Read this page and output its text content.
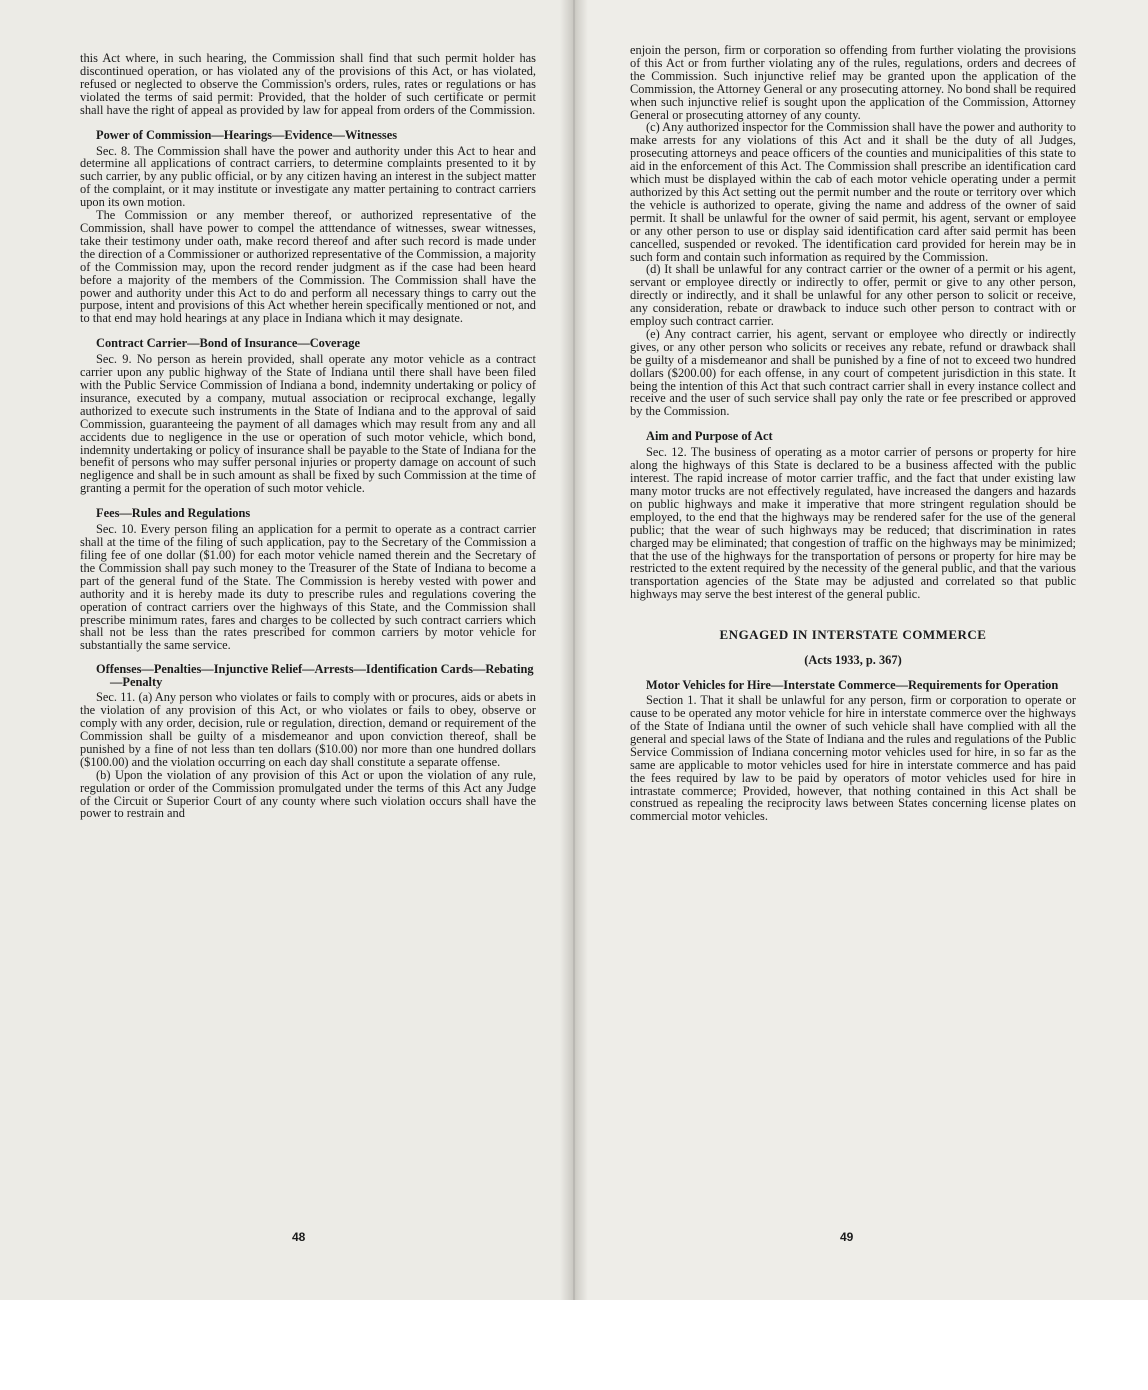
this Act where, in such hearing, the Commission shall find that such permit holder has discontinued operation, or has violated any of the provisions of this Act, or has violated, refused or neglected to observe the Commission's orders, rules, rates or regulations or has violated the terms of said permit: Provided, that the holder of such certificate or permit shall have the right of appeal as provided by law for appeal from orders of the Commission.

Power of Commission—Hearings—Evidence—Witnesses

Sec. 8. The Commission shall have the power and authority under this Act to hear and determine all applications of contract carriers, to determine complaints presented to it by such carrier, by any public official, or by any citizen having an interest in the subject matter of the complaint, or it may institute or investigate any matter pertaining to contract carriers upon its own motion.

The Commission or any member thereof, or authorized representative of the Commission, shall have power to compel the atttendance of witnesses, swear witnesses, take their testimony under oath, make record thereof and after such record is made under the direction of a Commissioner or authorized representative of the Commission, a majority of the Commission may, upon the record render judgment as if the case had been heard before a majority of the members of the Commission. The Commission shall have the power and authority under this Act to do and perform all necessary things to carry out the purpose, intent and provisions of this Act whether herein specifically mentioned or not, and to that end may hold hearings at any place in Indiana which it may designate.

Contract Carrier—Bond of Insurance—Coverage

Sec. 9. No person as herein provided, shall operate any motor vehicle as a contract carrier upon any public highway of the State of Indiana until there shall have been filed with the Public Service Commission of Indiana a bond, indemnity undertaking or policy of insurance, executed by a company, mutual association or reciprocal exchange, legally authorized to execute such instruments in the State of Indiana and to the approval of said Commission, guaranteeing the payment of all damages which may result from any and all accidents due to negligence in the use or operation of such motor vehicle, which bond, indemnity undertaking or policy of insurance shall be payable to the State of Indiana for the benefit of persons who may suffer personal injuries or property damage on account of such negligence and shall be in such amount as shall be fixed by such Commission at the time of granting a permit for the operation of such motor vehicle.

Fees—Rules and Regulations

Sec. 10. Every person filing an application for a permit to operate as a contract carrier shall at the time of the filing of such application, pay to the Secretary of the Commission a filing fee of one dollar ($1.00) for each motor vehicle named therein and the Secretary of the Commission shall pay such money to the Treasurer of the State of Indiana to become a part of the general fund of the State. The Commission is hereby vested with power and authority and it is hereby made its duty to prescribe rules and regulations covering the operation of contract carriers over the highways of this State, and the Commission shall prescribe minimum rates, fares and charges to be collected by such contract carriers which shall not be less than the rates prescribed for common carriers by motor vehicle for substantially the same service.

Offenses—Penalties—Injunctive Relief—Arrests—Identification Cards—Rebating—Penalty

Sec. 11. (a) Any person who violates or fails to comply with or procures, aids or abets in the violation of any provision of this Act, or who violates or fails to obey, observe or comply with any order, decision, rule or regulation, direction, demand or requirement of the Commission shall be guilty of a misdemeanor and upon conviction thereof, shall be punished by a fine of not less than ten dollars ($10.00) nor more than one hundred dollars ($100.00) and the violation occurring on each day shall constitute a separate offense.

(b) Upon the violation of any provision of this Act or upon the violation of any rule, regulation or order of the Commission promulgated under the terms of this Act any Judge of the Circuit or Superior Court of any county where such violation occurs shall have the power to restrain and

48

enjoin the person, firm or corporation so offending from further violating the provisions of this Act or from further violating any of the rules, regulations, orders and decrees of the Commission. Such injunctive relief may be granted upon the application of the Commission, the Attorney General or any prosecuting attorney. No bond shall be required when such injunctive relief is sought upon the application of the Commission, Attorney General or prosecuting attorney of any county.

(c) Any authorized inspector for the Commission shall have the power and authority to make arrests for any violations of this Act and it shall be the duty of all Judges, prosecuting attorneys and peace officers of the counties and municipalities of this state to aid in the enforcement of this Act. The Commission shall prescribe an identification card which must be displayed within the cab of each motor vehicle operating under a permit authorized by this Act setting out the permit number and the route or territory over which the vehicle is authorized to operate, giving the name and address of the owner of said permit. It shall be unlawful for the owner of said permit, his agent, servant or employee or any other person to use or display said identification card after said permit has been cancelled, suspended or revoked. The identification card provided for herein may be in such form and contain such information as required by the Commission.

(d) It shall be unlawful for any contract carrier or the owner of a permit or his agent, servant or employee directly or indirectly to offer, permit or give to any other person, directly or indirectly, and it shall be unlawful for any other person to solicit or receive, any consideration, rebate or drawback to induce such other person to contract with or employ such contract carrier.

(e) Any contract carrier, his agent, servant or employee who directly or indirectly gives, or any other person who solicits or receives any rebate, refund or drawback shall be guilty of a misdemeanor and shall be punished by a fine of not to exceed two hundred dollars ($200.00) for each offense, in any court of competent jurisdiction in this state. It being the intention of this Act that such contract carrier shall in every instance collect and receive and the user of such service shall pay only the rate or fee prescribed or approved by the Commission.

Aim and Purpose of Act

Sec. 12. The business of operating as a motor carrier of persons or property for hire along the highways of this State is declared to be a business affected with the public interest. The rapid increase of motor carrier traffic, and the fact that under existing law many motor trucks are not effectively regulated, have increased the dangers and hazards on public highways and make it imperative that more stringent regulation should be employed, to the end that the highways may be rendered safer for the use of the general public; that the wear of such highways may be reduced; that discrimination in rates charged may be eliminated; that congestion of traffic on the highways may be minimized; that the use of the highways for the transportation of persons or property for hire may be restricted to the extent required by the necessity of the general public, and that the various transportation agencies of the State may be adjusted and correlated so that public highways may serve the best interest of the general public.

ENGAGED IN INTERSTATE COMMERCE
(Acts 1933, p. 367)
Motor Vehicles for Hire—Interstate Commerce—Requirements for Operation

Section 1. That it shall be unlawful for any person, firm or corporation to operate or cause to be operated any motor vehicle for hire in interstate commerce over the highways of the State of Indiana until the owner of such vehicle shall have complied with all the general and special laws of the State of Indiana and the rules and regulations of the Public Service Commission of Indiana concerning motor vehicles used for hire, in so far as the same are applicable to motor vehicles used for hire in interstate commerce and has paid the fees required by law to be paid by operators of motor vehicles used for hire in intrastate commerce; Provided, however, that nothing contained in this Act shall be construed as repealing the reciprocity laws between States concerning license plates on commercial motor vehicles.

49
